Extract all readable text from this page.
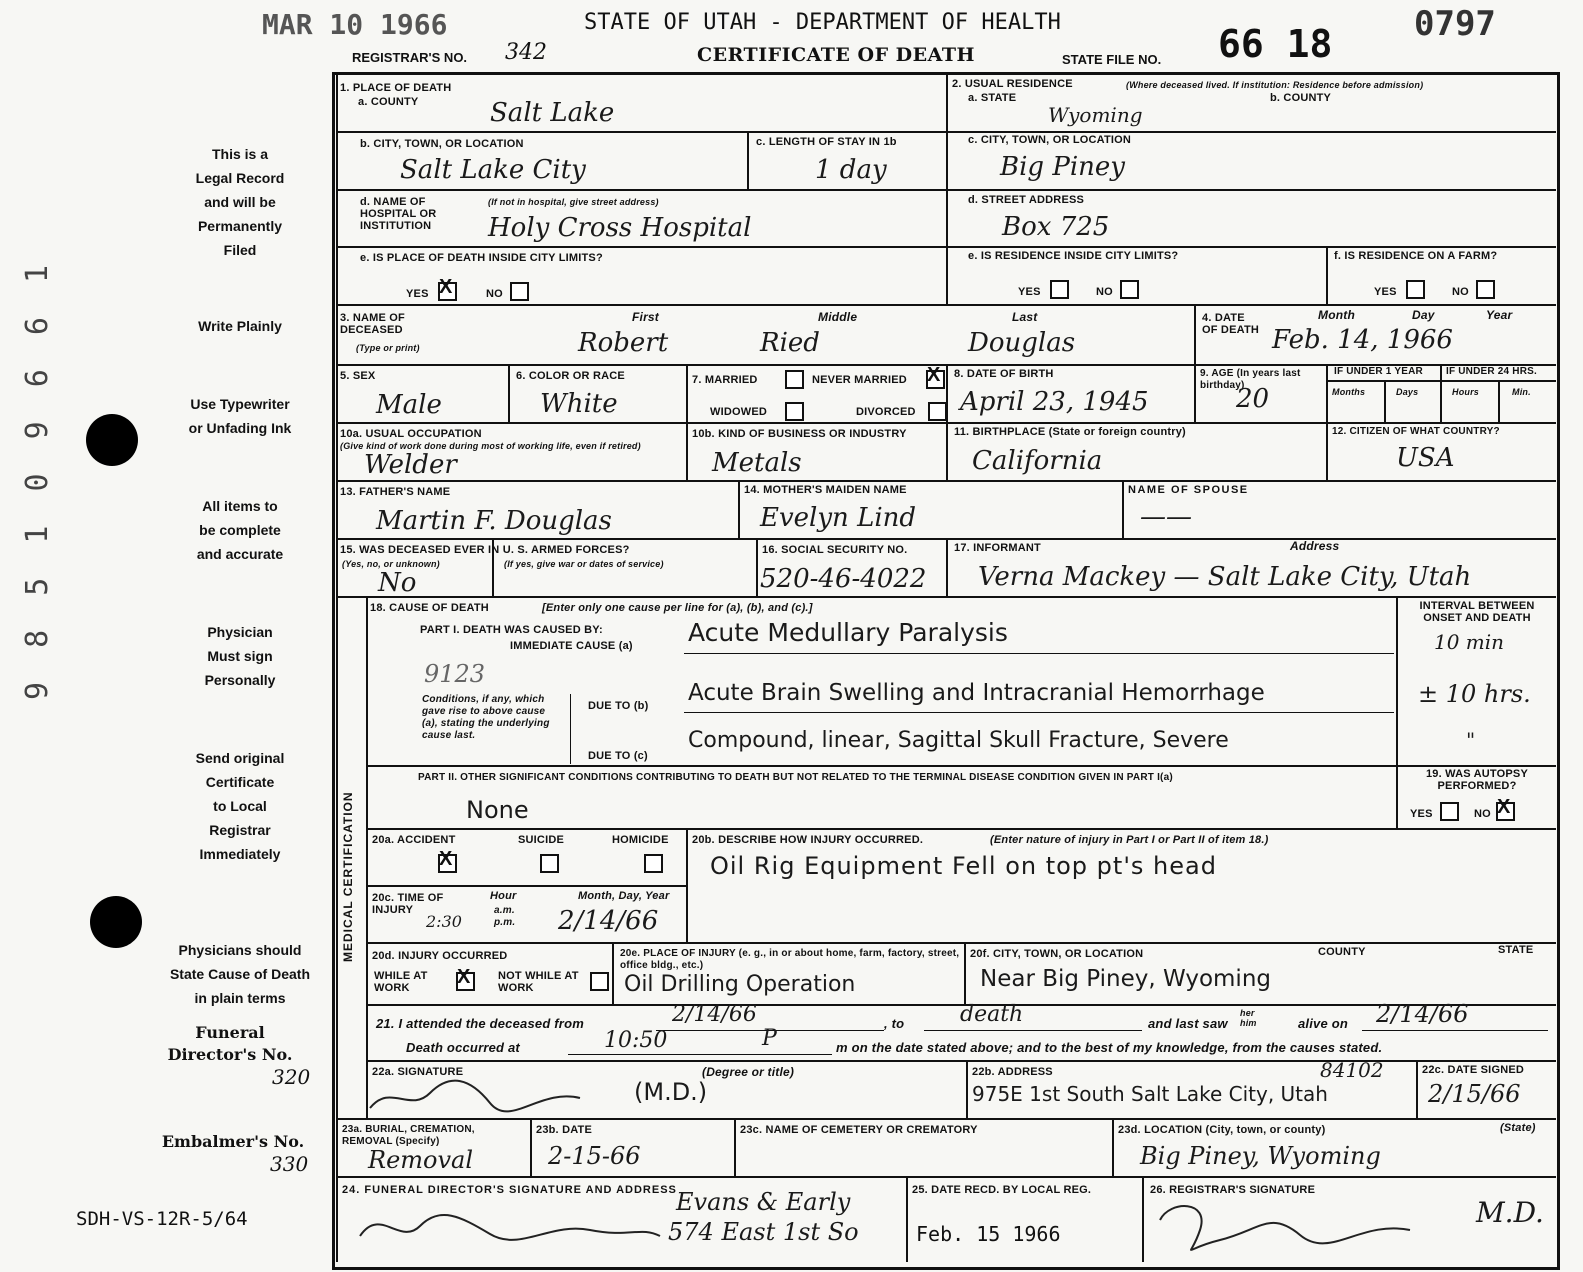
MAR 10 1966	STATE OF UTAH - DEPARTMENT OF HEALTH
CERTIFICATE OF DEATH
REGISTRAR'S NO. 342	STATE FILE NO. 66 18 0797
This is a
Legal Record
and will be
Permanently
Filed
Write Plainly
Use Typewriter
or Unfading Ink
All items to
be complete
and accurate
Physician
Must sign
Personally
Send original
Certificate
to Local
Registrar
Immediately
Physicians should
State Cause of Death
in plain terms
Funeral
Director's No.
320
Embalmer's No.
330
SDH-VS-12R-5/64
9 8 5 1 0 9 6 6 1
MEDICAL CERTIFICATION
1. PLACE OF DEATH
a. COUNTY	Salt Lake
2. USUAL RESIDENCE	(Where deceased lived. If institution: Residence before admission)
a. STATE	b. COUNTY
Wyoming
b. CITY, TOWN, OR LOCATION
Salt Lake City
c. LENGTH OF STAY IN 1b
1 day
c. CITY, TOWN, OR LOCATION
Big Piney
d. NAME OF HOSPITAL OR INSTITUTION
(If not in hospital, give street address)
Holy Cross Hospital
d. STREET ADDRESS
Box 725
e. IS PLACE OF DEATH INSIDE CITY LIMITS?
YES X	NO
e. IS RESIDENCE INSIDE CITY LIMITS?
YES	NO
f. IS RESIDENCE ON A FARM?
YES	NO
3. NAME OF DECEASED
(Type or print)
First	Middle	Last
Robert	Ried	Douglas
4. DATE OF DEATH
Month	Day	Year
Feb. 14, 1966
5. SEX
Male
6. COLOR OR RACE
White
7. MARRIED	NEVER MARRIED X
WIDOWED	DIVORCED
8. DATE OF BIRTH
April 23, 1945
9. AGE (In years last birthday)
20
IF UNDER 1 YEAR IF UNDER 24 HRS.
Months	Days	Hours	Min.
10a. USUAL OCCUPATION
(Give kind of work done during most of working life, even if retired)
Welder
10b. KIND OF BUSINESS OR INDUSTRY
Metals
11. BIRTHPLACE (State or foreign country)
California
12. CITIZEN OF WHAT COUNTRY?
USA
13. FATHER'S NAME
Martin F. Douglas
14. MOTHER'S MAIDEN NAME
Evelyn Lind
NAME OF SPOUSE
——
15. WAS DECEASED EVER IN U. S. ARMED FORCES?
(Yes, no, or unknown)	(If yes, give war or dates of service)
No
16. SOCIAL SECURITY NO.
520-46-4022
17. INFORMANT	Address
Verna Mackey — Salt Lake City, Utah
18. CAUSE OF DEATH	[Enter only one cause per line for (a), (b), and (c).]
PART I. DEATH WAS CAUSED BY:
IMMEDIATE CAUSE (a) Acute Medullary Paralysis
INTERVAL BETWEEN ONSET AND DEATH
10 min
9123
Conditions, if any, which gave rise to above cause (a), stating the underlying cause last.
DUE TO (b) Acute Brain Swelling and Intracranial Hemorrhage	± 10 hrs.
DUE TO (c)
Compound, linear, Sagittal Skull Fracture, Severe	"
PART II. OTHER SIGNIFICANT CONDITIONS CONTRIBUTING TO DEATH BUT NOT RELATED TO THE TERMINAL DISEASE CONDITION GIVEN IN PART I(a)
None
19. WAS AUTOPSY PERFORMED?
YES	NO X
20a. ACCIDENT
X
SUICIDE	HOMICIDE 20b. DESCRIBE HOW INJURY OCCURRED.	(Enter nature of injury in Part I or Part II of item 18.)
Oil Rig Equipment Fell on top pt's head
20c. TIME OF INJURY
Hour	Month, Day, Year
a.m. p.m.
2:30	2/14/66
20d. INJURY OCCURRED
WHILE AT WORK	X	NOT WHILE AT WORK
20e. PLACE OF INJURY (e. g., in or about home, farm, factory, street, office bldg., etc.)
Oil Drilling Operation
20f. CITY, TOWN, OR LOCATION	COUNTY	STATE
Near Big Piney, Wyoming
21. I attended the deceased from	2/14/66	, to	death	and last saw
her him	alive on 2/14/66
Death occurred at	10:50	P	m on the date stated above; and to the best of my knowledge, from the causes stated.
22a. SIGNATURE	(Degree or title)
(M.D.)
22b. ADDRESS	84102
975E 1st South Salt Lake City, Utah
22c. DATE SIGNED
2/15/66
23a. BURIAL, CREMATION, REMOVAL (Specify)
Removal
23b. DATE
2-15-66
23c. NAME OF CEMETERY OR CREMATORY	23d. LOCATION (City, town, or county)	(State)
Big Piney, Wyoming
24. FUNERAL DIRECTOR'S SIGNATURE AND ADDRESS Evans & Early
574 East 1st So
25. DATE RECD. BY LOCAL REG.
Feb. 15 1966
26. REGISTRAR'S SIGNATURE
M.D.
